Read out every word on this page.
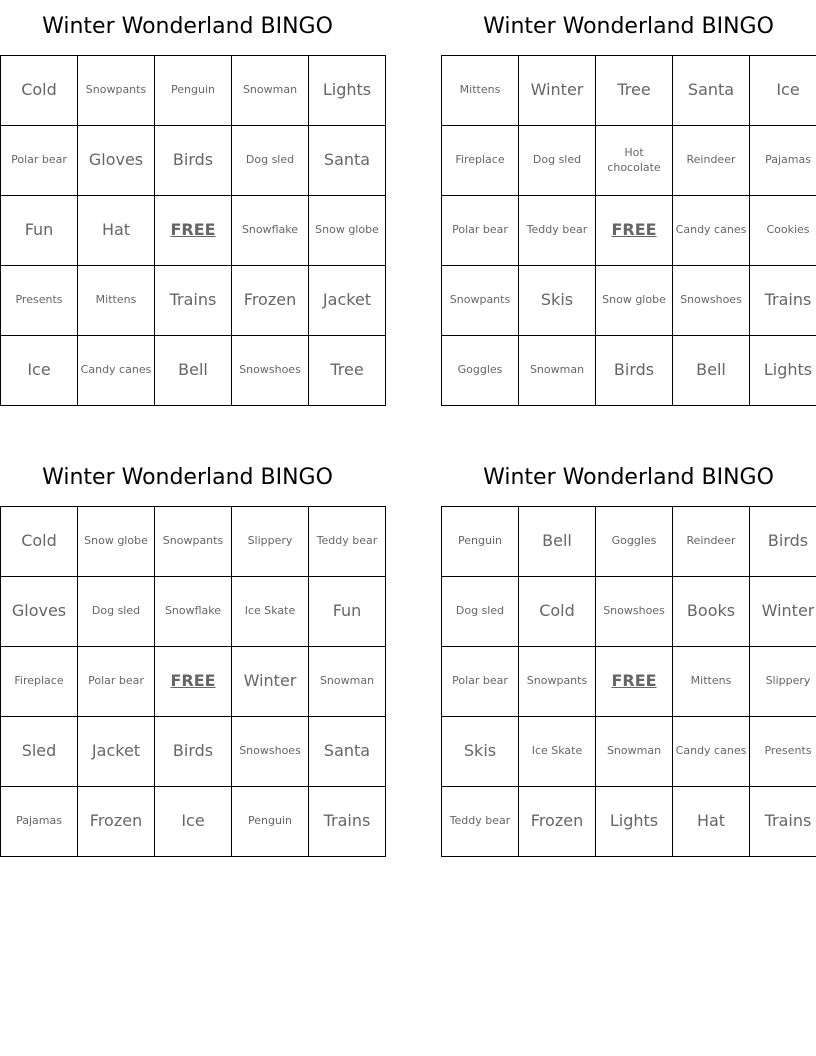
Winter Wonderland BINGO
Cold	Snowpants	Penguin	Snowman	Lights
Polar bear	Gloves	Birds	Dog sled	Santa
Fun	Hat	FREE	Snowflake	Snow globe
Presents	Mittens	Trains	Frozen	Jacket
Ice	Candy canes	Bell	Snowshoes	Tree
Winter Wonderland BINGO
Mittens	Winter	Tree	Santa	Ice
Fireplace	Dog sled	Hot chocolate	Reindeer	Pajamas
Polar bear	Teddy bear	FREE	Candy canes	Cookies
Snowpants	Skis	Snow globe	Snowshoes	Trains
Goggles	Snowman	Birds	Bell	Lights
Winter Wonderland BINGO
Cold	Snow globe	Snowpants	Slippery	Teddy bear
Gloves	Dog sled	Snowflake	Ice Skate	Fun
Fireplace	Polar bear	FREE	Winter	Snowman
Sled	Jacket	Birds	Snowshoes	Santa
Pajamas	Frozen	Ice	Penguin	Trains
Winter Wonderland BINGO
Penguin	Bell	Goggles	Reindeer	Birds
Dog sled	Cold	Snowshoes	Books	Winter
Polar bear	Snowpants	FREE	Mittens	Slippery
Skis	Ice Skate	Snowman	Candy canes	Presents
Teddy bear	Frozen	Lights	Hat	Trains
